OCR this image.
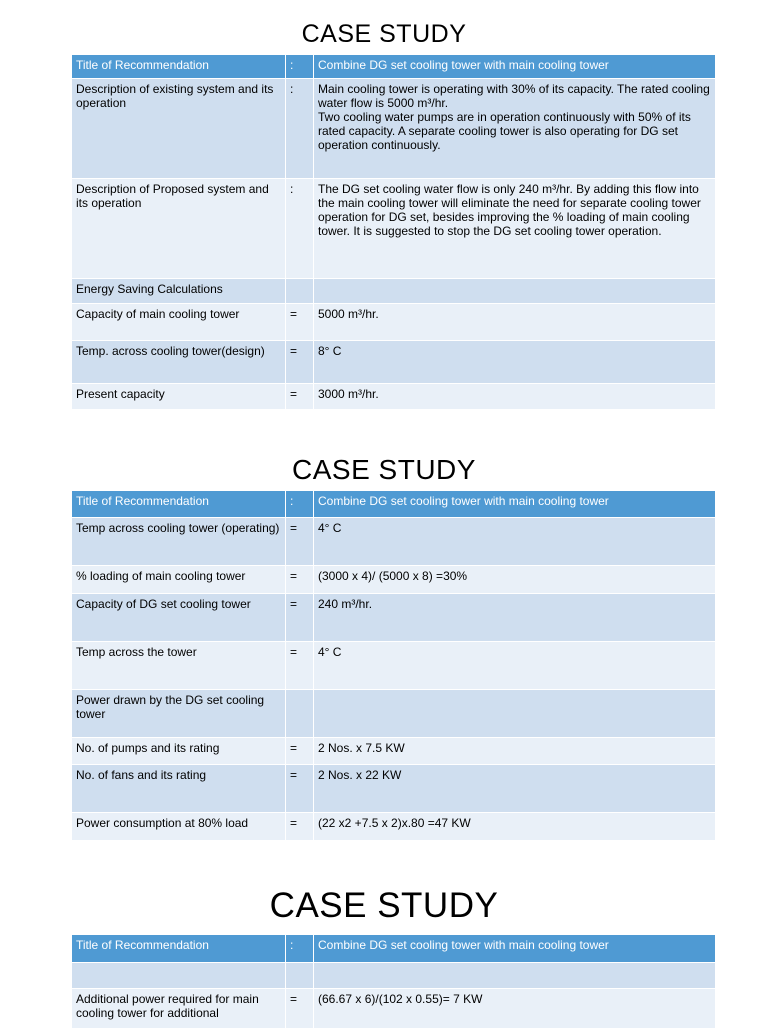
CASE STUDY
Title of Recommendation	:	Combine DG set cooling tower with main cooling tower
Description of existing system and its operation	:	Main cooling tower is operating with 30% of its capacity. The rated cooling water flow is 5000 m³/hr.
Two cooling water pumps are in operation continuously with 50% of its rated capacity. A separate cooling tower is also operating for DG set operation continuously.
Description of Proposed system and its operation	:	The DG set cooling water flow is only 240 m³/hr. By adding this flow into the main cooling tower will eliminate the need for separate cooling tower operation for DG set, besides improving the % loading of main cooling tower. It is suggested to stop the DG set cooling tower operation.
Energy Saving Calculations		
Capacity of main cooling tower	=	5000 m³/hr.
Temp. across cooling tower(design)	=	8° C
Present capacity	=	3000 m³/hr.
CASE STUDY
Title of Recommendation	:	Combine DG set cooling tower with main cooling tower
Temp across cooling tower (operating)	=	4° C
% loading of main cooling tower	=	(3000 x 4)/ (5000 x 8) =30%
Capacity of DG set cooling tower	=	240 m³/hr.
Temp across the tower	=	4° C
Power drawn by the DG set cooling tower		
No. of pumps and its rating	=	2 Nos. x 7.5 KW
No. of fans and its rating	=	2 Nos. x 22 KW
Power consumption at 80% load	=	(22 x2 +7.5 x 2)x.80 =47 KW
CASE STUDY
Title of Recommendation	:	Combine DG set cooling tower with main cooling tower

Additional power required for main cooling tower for additional	=	(66.67 x 6)/(102 x 0.55)= 7 KW
